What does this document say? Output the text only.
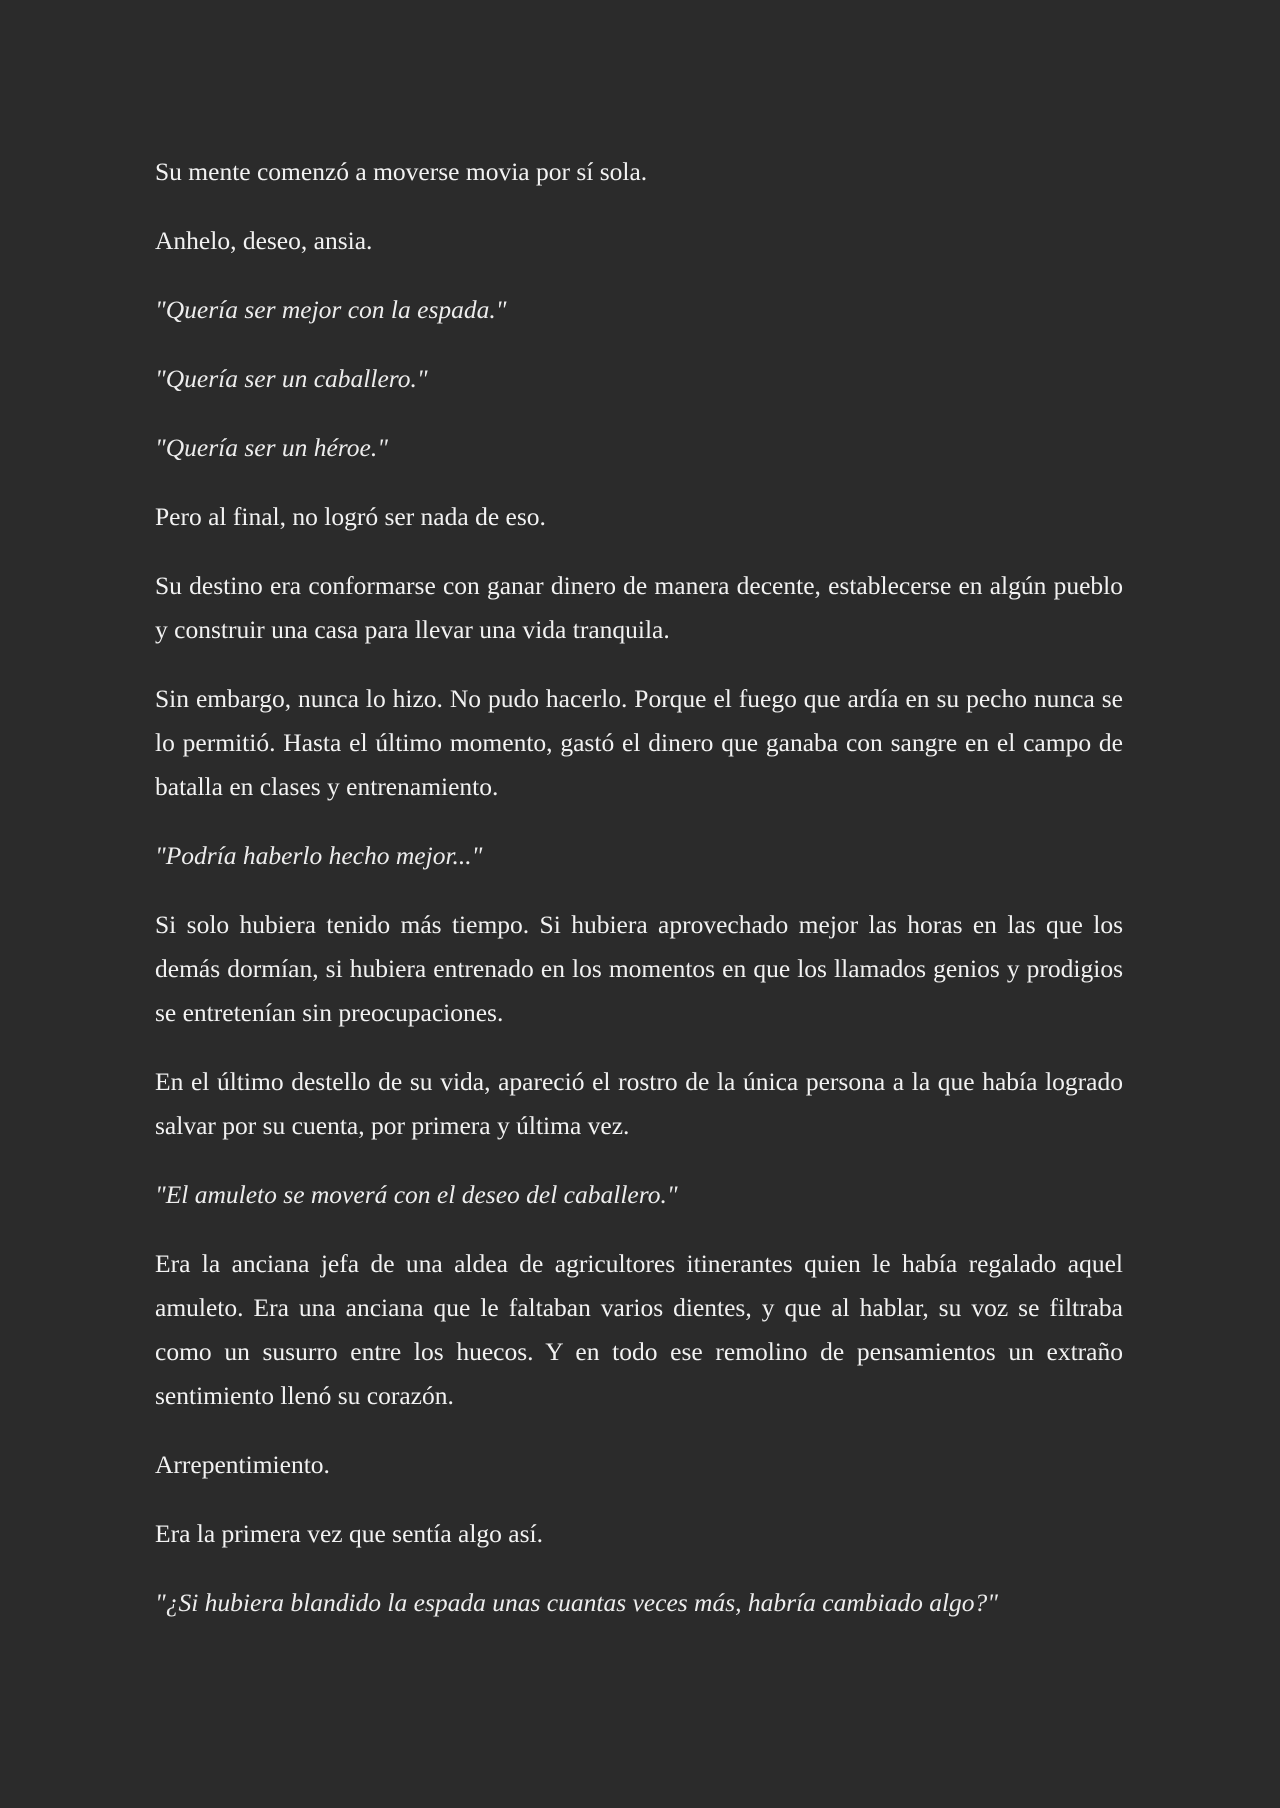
Su mente comenzó a moverse movia por sí sola.

Anhelo, deseo, ansia.

"Quería ser mejor con la espada."

"Quería ser un caballero."

"Quería ser un héroe."

Pero al final, no logró ser nada de eso.

Su destino era conformarse con ganar dinero de manera decente, establecerse en algún pueblo y construir una casa para llevar una vida tranquila.

Sin embargo, nunca lo hizo. No pudo hacerlo. Porque el fuego que ardía en su pecho nunca se lo permitió. Hasta el último momento, gastó el dinero que ganaba con sangre en el campo de batalla en clases y entrenamiento.

"Podría haberlo hecho mejor..."

Si solo hubiera tenido más tiempo. Si hubiera aprovechado mejor las horas en las que los demás dormían, si hubiera entrenado en los momentos en que los llamados genios y prodigios se entretenían sin preocupaciones.

En el último destello de su vida, apareció el rostro de la única persona a la que había logrado salvar por su cuenta, por primera y última vez.

"El amuleto se moverá con el deseo del caballero."

Era la anciana jefa de una aldea de agricultores itinerantes quien le había regalado aquel amuleto. Era una anciana que le faltaban varios dientes, y que al hablar, su voz se filtraba como un susurro entre los huecos. Y en todo ese remolino de pensamientos un extraño sentimiento llenó su corazón.

Arrepentimiento.

Era la primera vez que sentía algo así.

"¿Si hubiera blandido la espada unas cuantas veces más, habría cambiado algo?"
